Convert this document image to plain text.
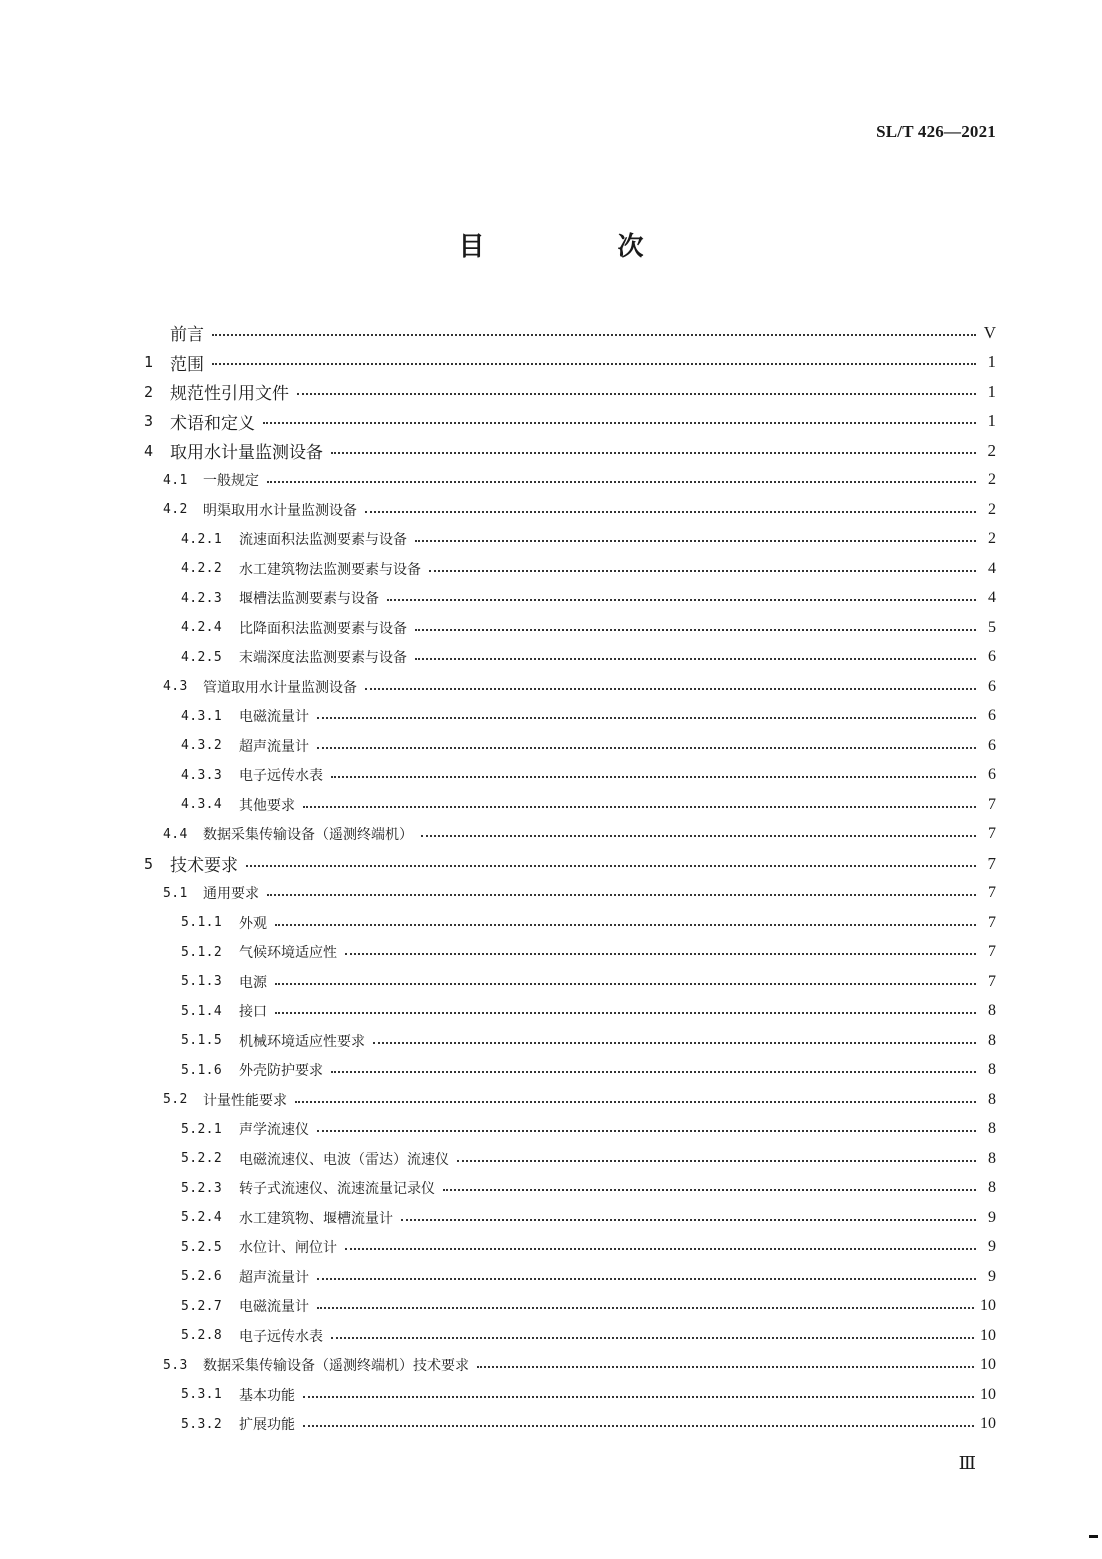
SL/T 426—2021
目 次
前言	V
1 范围	1
2 规范性引用文件	1
3 术语和定义	1
4 取用水计量监测设备	2
4.1	一般规定	2
4.2	明渠取用水计量监测设备	2
4.2.1	流速面积法监测要素与设备	2
4.2.2	水工建筑物法监测要素与设备	4
4.2.3	堰槽法监测要素与设备	4
4.2.4	比降面积法监测要素与设备	5
4.2.5	末端深度法监测要素与设备	6
4.3	管道取用水计量监测设备	6
4.3.1	电磁流量计	6
4.3.2	超声流量计	6
4.3.3	电子远传水表	6
4.3.4	其他要求	7
4.4	数据采集传输设备（遥测终端机）	7
5 技术要求	7
5.1	通用要求	7
5.1.1	外观	7
5.1.2	气候环境适应性	7
5.1.3	电源	7
5.1.4	接口	8
5.1.5	机械环境适应性要求	8
5.1.6	外壳防护要求	8
5.2	计量性能要求	8
5.2.1	声学流速仪	8
5.2.2	电磁流速仪、电波（雷达）流速仪	8
5.2.3	转子式流速仪、流速流量记录仪	8
5.2.4	水工建筑物、堰槽流量计	9
5.2.5	水位计、闸位计	9
5.2.6	超声流量计	9
5.2.7	电磁流量计	10
5.2.8	电子远传水表	10
5.3	数据采集传输设备（遥测终端机）技术要求	10
5.3.1	基本功能	10
5.3.2	扩展功能	10
Ⅲ
